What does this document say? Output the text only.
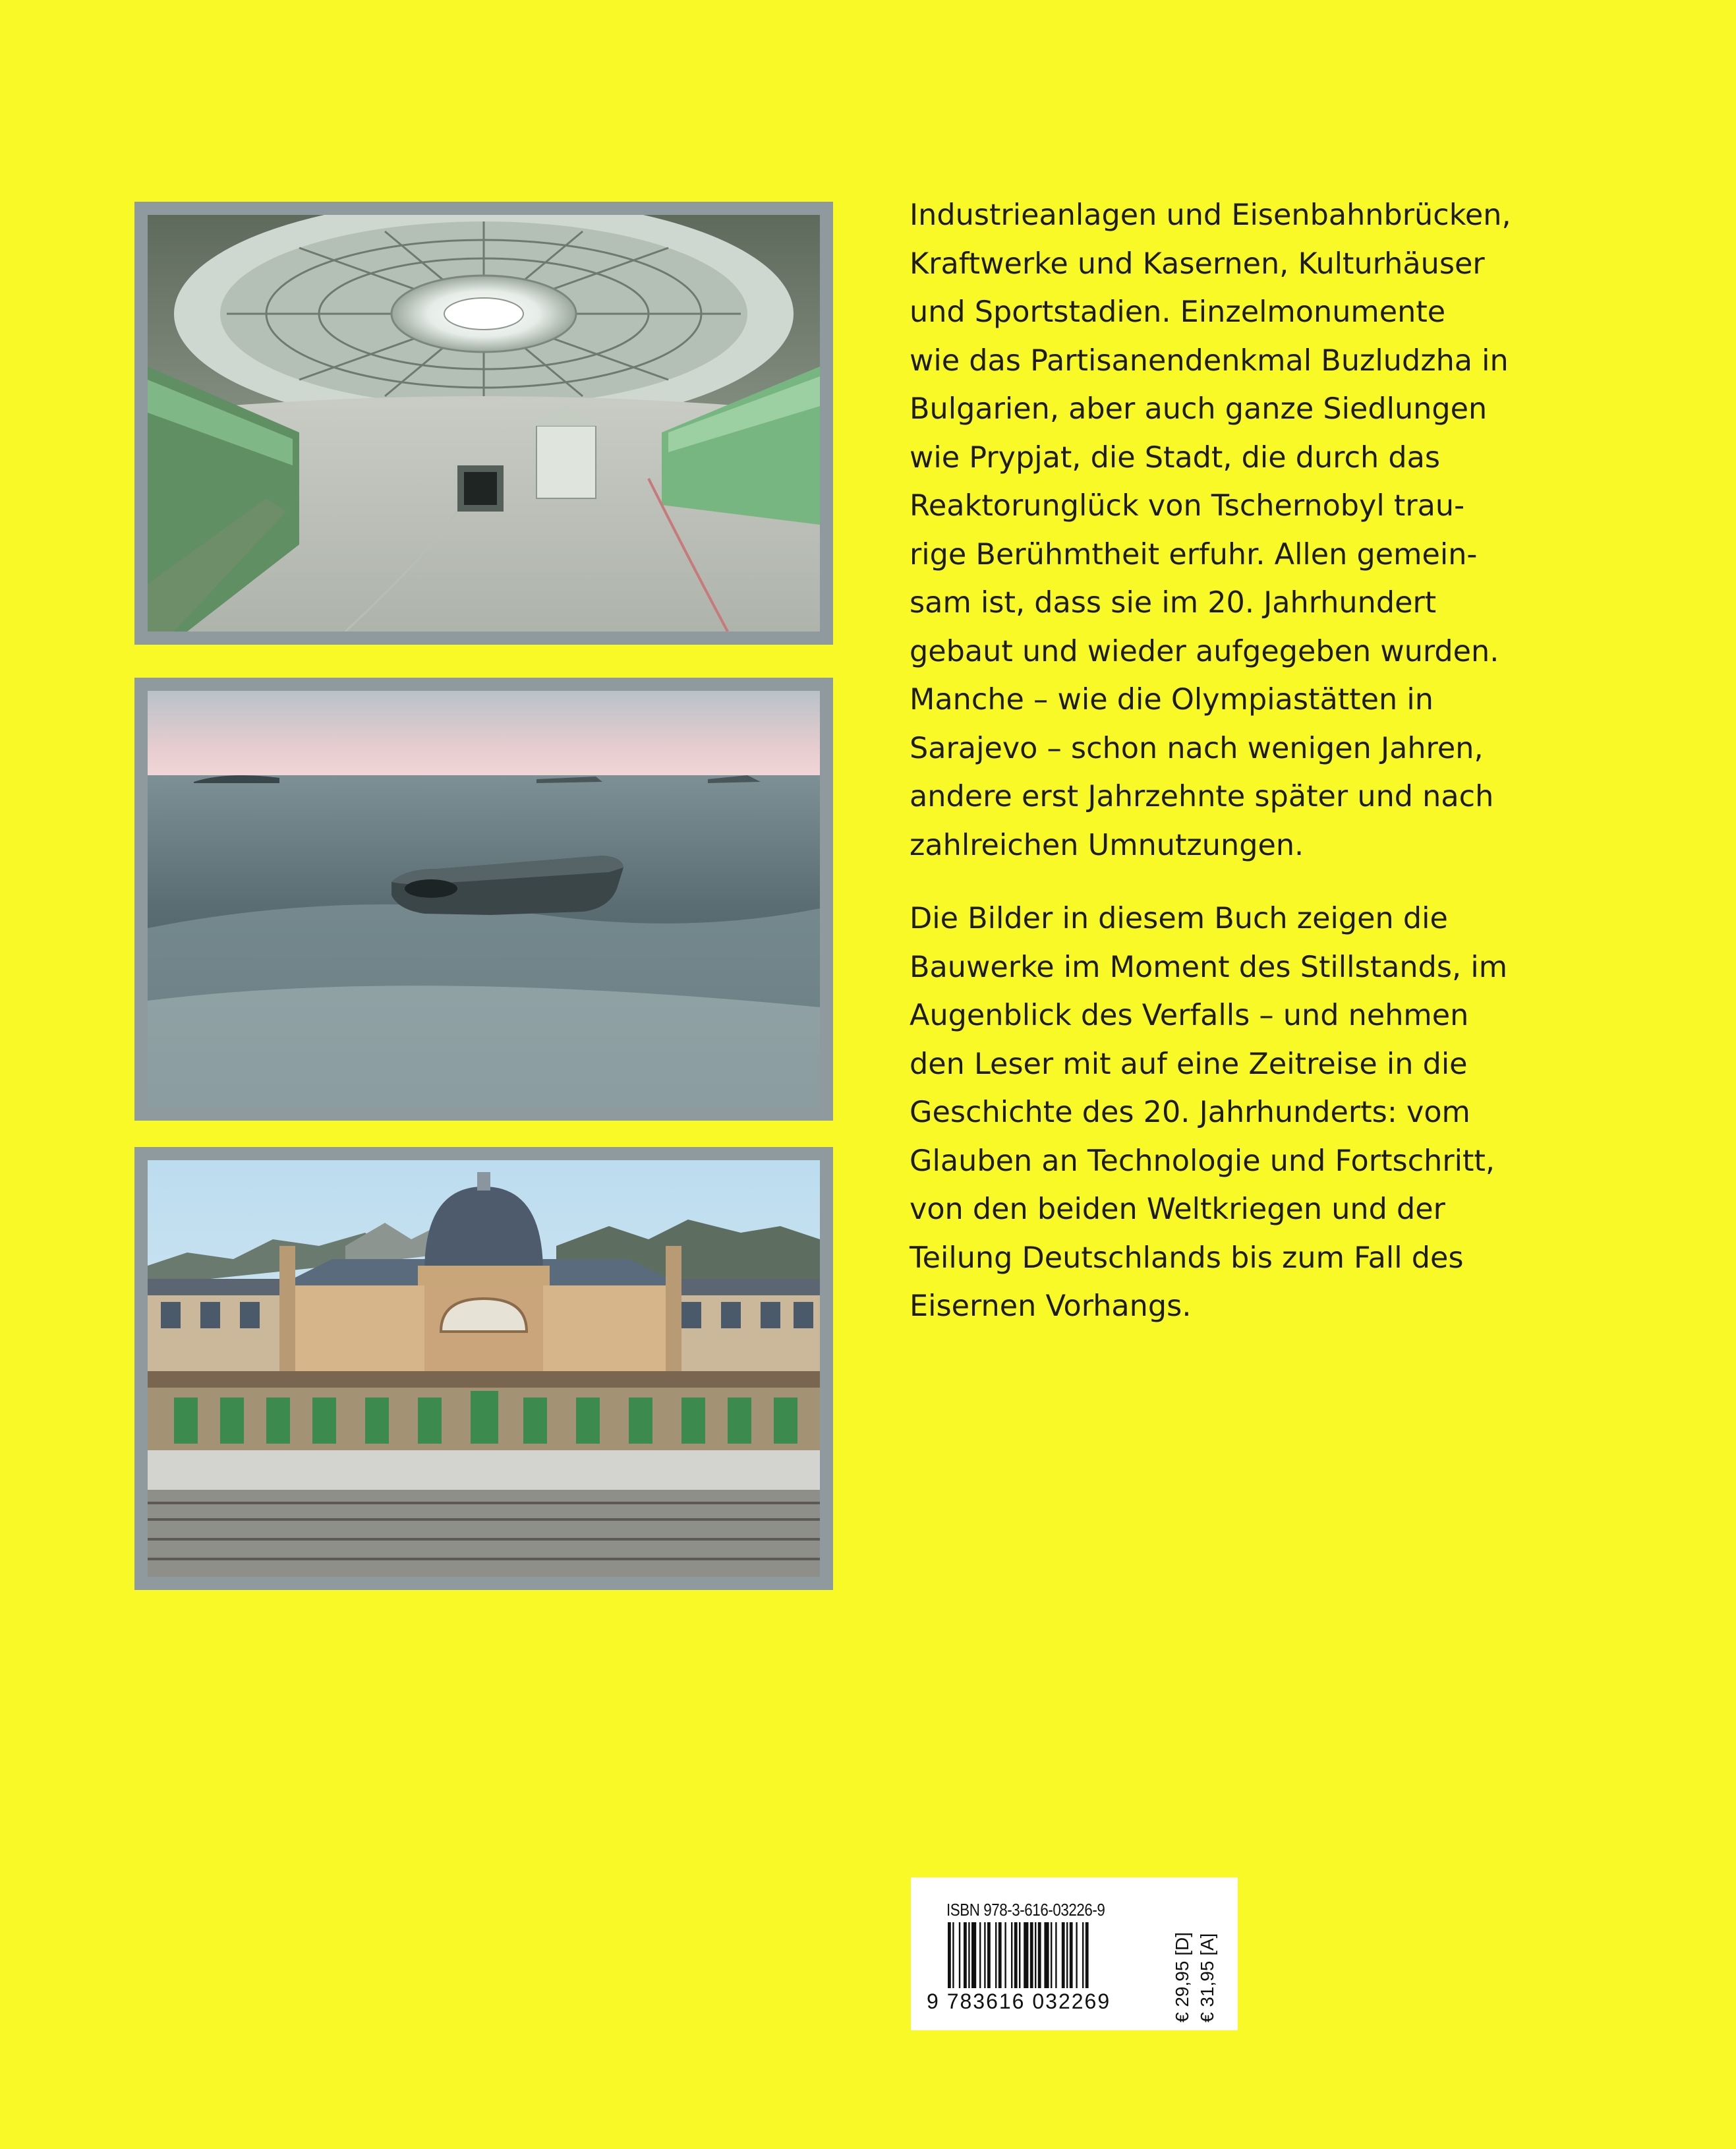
Industrieanlagen und Eisenbahnbrücken,
Kraftwerke und Kasernen, Kulturhäuser
und Sportstadien. Einzelmonumente
wie das Partisanendenkmal Buzludzha in
Bulgarien, aber auch ganze Siedlungen
wie Prypjat, die Stadt, die durch das
Reaktorunglück von Tschernobyl trau-
rige Berühmtheit erfuhr. Allen gemein-
sam ist, dass sie im 20. Jahrhundert
gebaut und wieder aufgegeben wurden.
Manche – wie die Olympiastätten in
Sarajevo – schon nach wenigen Jahren,
andere erst Jahrzehnte später und nach
zahlreichen Umnutzungen.

Die Bilder in diesem Buch zeigen die
Bauwerke im Moment des Stillstands, im
Augenblick des Verfalls – und nehmen
den Leser mit auf eine Zeitreise in die
Geschichte des 20. Jahrhunderts: vom
Glauben an Technologie und Fortschritt,
von den beiden Weltkriegen und der
Teilung Deutschlands bis zum Fall des
Eisernen Vorhangs.

ISBN 978-3-616-03226-9
9 783616 032269	€ 29,95 [D] € 31,95 [A]
